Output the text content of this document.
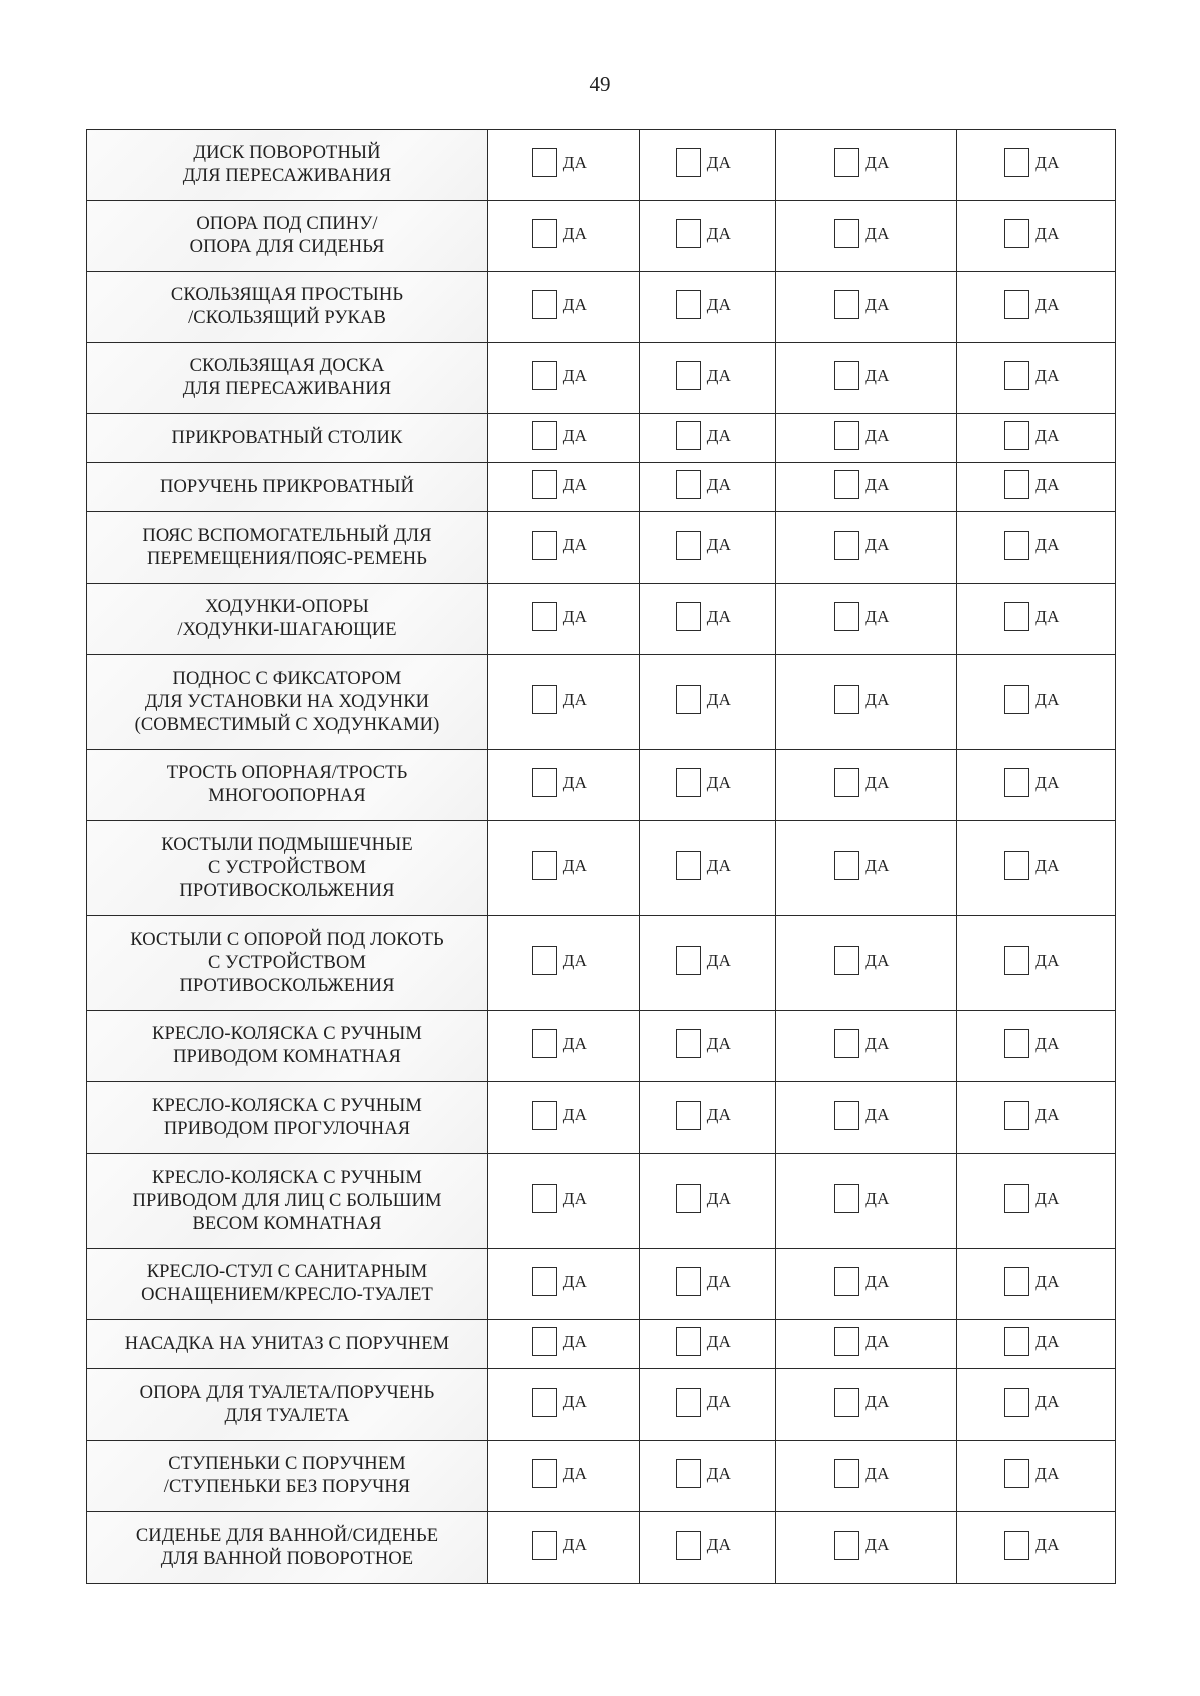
49
ДИСК ПОВОРОТНЫЙ
ДЛЯ ПЕРЕСАЖИВАНИЯ	ДА	ДА	ДА	ДА

ОПОРА ПОД СПИНУ/
ОПОРА ДЛЯ СИДЕНЬЯ	ДА	ДА	ДА	ДА

СКОЛЬЗЯЩАЯ ПРОСТЫНЬ
/СКОЛЬЗЯЩИЙ РУКАВ	ДА	ДА	ДА	ДА

СКОЛЬЗЯЩАЯ ДОСКА
ДЛЯ ПЕРЕСАЖИВАНИЯ	ДА	ДА	ДА	ДА

ПРИКРОВАТНЫЙ СТОЛИК	ДА	ДА	ДА	ДА

ПОРУЧЕНЬ ПРИКРОВАТНЫЙ	ДА	ДА	ДА	ДА

ПОЯС ВСПОМОГАТЕЛЬНЫЙ ДЛЯ
ПЕРЕМЕЩЕНИЯ/ПОЯС-РЕМЕНЬ	ДА	ДА	ДА	ДА

ХОДУНКИ-ОПОРЫ
/ХОДУНКИ-ШАГАЮЩИЕ	ДА	ДА	ДА	ДА

ПОДНОС С ФИКСАТОРОМ
ДЛЯ УСТАНОВКИ НА ХОДУНКИ
(СОВМЕСТИМЫЙ С ХОДУНКАМИ)	ДА	ДА	ДА	ДА

ТРОСТЬ ОПОРНАЯ/ТРОСТЬ
МНОГООПОРНАЯ	ДА	ДА	ДА	ДА

КОСТЫЛИ ПОДМЫШЕЧНЫЕ
С УСТРОЙСТВОМ
ПРОТИВОСКОЛЬЖЕНИЯ	ДА	ДА	ДА	ДА

КОСТЫЛИ С ОПОРОЙ ПОД ЛОКОТЬ
С УСТРОЙСТВОМ
ПРОТИВОСКОЛЬЖЕНИЯ	ДА	ДА	ДА	ДА

КРЕСЛО-КОЛЯСКА С РУЧНЫМ
ПРИВОДОМ КОМНАТНАЯ	ДА	ДА	ДА	ДА

КРЕСЛО-КОЛЯСКА С РУЧНЫМ
ПРИВОДОМ ПРОГУЛОЧНАЯ	ДА	ДА	ДА	ДА

КРЕСЛО-КОЛЯСКА С РУЧНЫМ
ПРИВОДОМ ДЛЯ ЛИЦ С БОЛЬШИМ
ВЕСОМ КОМНАТНАЯ	ДА	ДА	ДА	ДА

КРЕСЛО-СТУЛ С САНИТАРНЫМ
ОСНАЩЕНИЕМ/КРЕСЛО-ТУАЛЕТ	ДА	ДА	ДА	ДА

НАСАДКА НА УНИТАЗ С ПОРУЧНЕМ	ДА	ДА	ДА	ДА

ОПОРА ДЛЯ ТУАЛЕТА/ПОРУЧЕНЬ
ДЛЯ ТУАЛЕТА	ДА	ДА	ДА	ДА

СТУПЕНЬКИ С ПОРУЧНЕМ
/СТУПЕНЬКИ БЕЗ ПОРУЧНЯ	ДА	ДА	ДА	ДА

СИДЕНЬЕ ДЛЯ ВАННОЙ/СИДЕНЬЕ
ДЛЯ ВАННОЙ ПОВОРОТНОЕ	ДА	ДА	ДА	ДА
